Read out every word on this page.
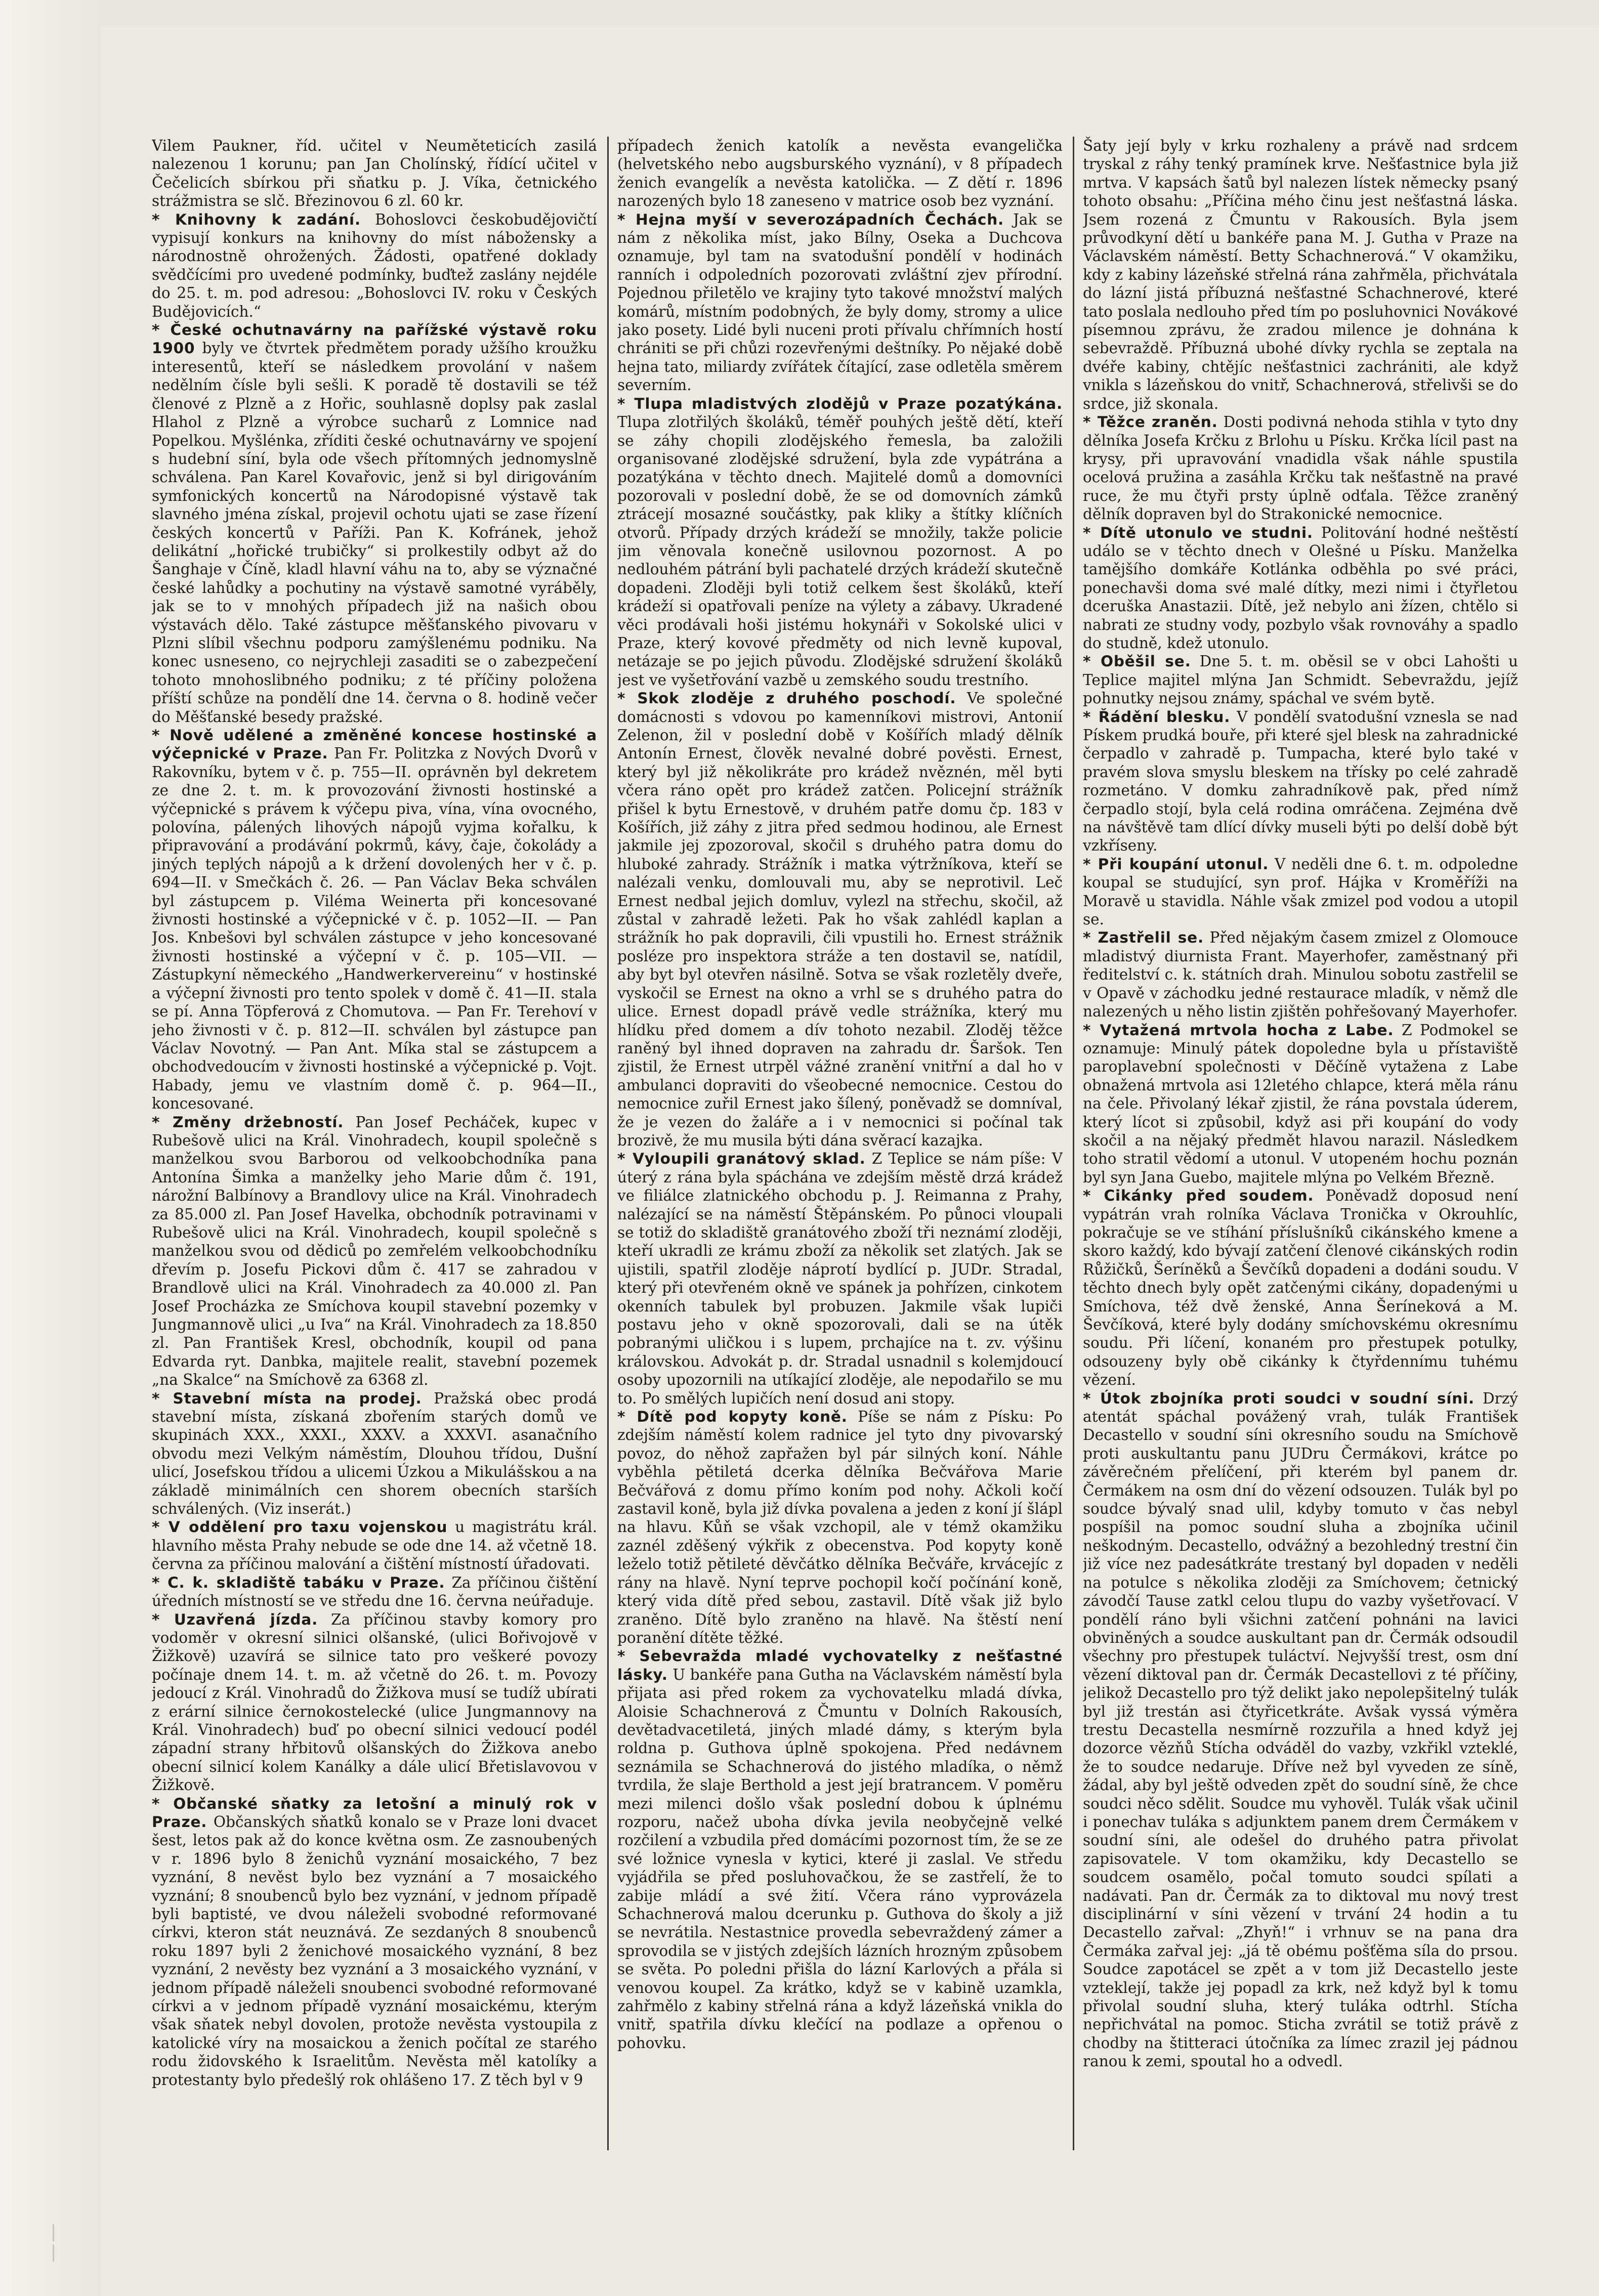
Vilem Paukner, říd. učitel v Neuměteticích zasilá nalezenou 1 korunu; pan Jan Cholínský, řídící učitel v Čečelicích sbírkou při sňatku p. J. Víka, četnického strážmistra se slč. Březinovou 6 zl. 60 kr.

* Knihovny k zadání. Bohoslovci českobudějovičtí vypisují konkurs na knihovny do míst nábožensky a národnostně ohrožených. Žádosti, opatřené doklady svědčícími pro uvedené podmínky, buďtež zaslány nejdéle do 25. t. m. pod adresou: „Bohoslovci IV. roku v Českých Budějovicích.“

* České ochutnavárny na pařížské výstavě roku 1900 byly ve čtvrtek předmětem porady užšího kroužku interesentů, kteří se následkem provolání v našem nedělním čísle byli sešli. K poradě tě dostavili se též členové z Plzně a z Hořic, souhlasně doplsy pak zaslal Hlahol z Plzně a výrobce sucharů z Lomnice nad Popelkou. Myšlénka, zříditi české ochutnavárny ve spojení s hudební síní, byla ode všech přítomných jednomyslně schválena. Pan Karel Kovařovic, jenž si byl dirigováním symfonických koncertů na Národopisné výstavě tak slavného jména získal, projevil ochotu ujati se zase řízení českých koncertů v Paříži. Pan K. Kofránek, jehož delikátní „hořické trubičky“ si prolkestily odbyt až do Šanghaje v Číně, kladl hlavní váhu na to, aby se význačné české lahůdky a pochutiny na výstavě samotné vyráběly, jak se to v mnohých případech již na našich obou výstavách dělo. Také zástupce měšťanského pivovaru v Plzni slíbil všechnu podporu zamýšlenému podniku. Na konec usneseno, co nejrychleji zasaditi se o zabezpečení tohoto mnohoslibného podniku; z té příčiny položena příští schůze na pondělí dne 14. června o 8. hodině večer do Měšťanské besedy pražské.

* Nově udělené a změněné koncese hostinské a výčepnické v Praze. Pan Fr. Politzka z Nových Dvorů v Rakovníku, bytem v č. p. 755—II. oprávněn byl dekretem ze dne 2. t. m. k provozování živnosti hostinské a výčepnické s právem k výčepu piva, vína, vína ovocného, polovína, pálených lihových nápojů vyjma kořalku, k připravování a prodávání pokrmů, kávy, čaje, čokolády a jiných teplých nápojů a k držení dovolených her v č. p. 694—II. v Smečkách č. 26. — Pan Václav Beka schválen byl zástupcem p. Viléma Weinerta při koncesované živnosti hostinské a výčepnické v č. p. 1052—II. — Pan Jos. Knbešovi byl schválen zástupce v jeho koncesované živnosti hostinské a výčepní v č. p. 105—VII. — Zástupkyní německého „Handwerkervereinu“ v hostinské a výčepní živnosti pro tento spolek v domě č. 41—II. stala se pí. Anna Töpferová z Chomutova. — Pan Fr. Terehoví v jeho živnosti v č. p. 812—II. schválen byl zástupce pan Václav Novotný. — Pan Ant. Míka stal se zástupcem a obchodvedoucím v živnosti hostinské a výčepnické p. Vojt. Habady, jemu ve vlastním domě č. p. 964—II., koncesované.

* Změny držebností. Pan Josef Pecháček, kupec v Rubešově ulici na Král. Vinohradech, koupil společně s manželkou svou Barborou od velkoobchodníka pana Antonína Šimka a manželky jeho Marie dům č. 191, nárožní Balbínovy a Brandlovy ulice na Král. Vinohradech za 85.000 zl. Pan Josef Havelka, obchodník potravinami v Rubešově ulici na Král. Vinohradech, koupil společně s manželkou svou od dědiců po zemřelém velkoobchodníku dřevím p. Josefu Pickovi dům č. 417 se zahradou v Brandlově ulici na Král. Vinohradech za 40.000 zl. Pan Josef Procházka ze Smíchova koupil stavební pozemky v Jungmannově ulici „u Iva“ na Král. Vinohradech za 18.850 zl. Pan František Kresl, obchodník, koupil od pana Edvarda ryt. Danbka, majitele realit, stavební pozemek „na Skalce“ na Smíchově za 6368 zl.

* Stavební místa na prodej. Pražská obec prodá stavební místa, získaná zbořením starých domů ve skupinách XXX., XXXI., XXXV. a XXXVI. asanačního obvodu mezi Velkým náměstím, Dlouhou třídou, Dušní ulicí, Josefskou třídou a ulicemi Úzkou a Mikulášskou a na základě minimálních cen shorem obecních starších schválených. (Viz inserát.)

* V oddělení pro taxu vojenskou u magistrátu král. hlavního města Prahy nebude se ode dne 14. až včetně 18. června za příčinou malování a čištění místností úřadovati.

* C. k. skladiště tabáku v Praze. Za příčinou čištění úředních místností se ve středu dne 16. června neúřaduje.

* Uzavřená jízda. Za příčinou stavby komory pro vodoměr v okresní silnici olšanské, (ulici Bořivojově v Žižkově) uzavírá se silnice tato pro veškeré povozy počínaje dnem 14. t. m. až včetně do 26. t. m. Povozy jedoucí z Král. Vinohradů do Žižkova musí se tudíž ubírati z erární silnice černokostelecké (ulice Jungmannovy na Král. Vinohradech) buď po obecní silnici vedoucí podél západní strany hřbitovů olšanských do Žižkova anebo obecní silnicí kolem Kanálky a dále ulicí Břetislavovou v Žižkově.

* Občanské sňatky za letošní a minulý rok v Praze. Občanských sňatků konalo se v Praze loni dvacet šest, letos pak až do konce května osm. Ze zasnoubených v r. 1896 bylo 8 ženichů vyznání mosaického, 7 bez vyznání, 8 nevěst bylo bez vyznání a 7 mosaického vyznání; 8 snoubenců bylo bez vyznání, v jednom případě byli baptisté, ve dvou náleželi svobodné reformované církvi, kteron stát neuznává. Ze sezdaných 8 snoubenců roku 1897 byli 2 ženichové mosaického vyznání, 8 bez vyznání, 2 nevěsty bez vyznání a 3 mosaického vyznání, v jednom případě náleželi snoubenci svobodné reformované církvi a v jednom případě vyznání mosaickému, kterým však sňatek nebyl dovolen, protože nevěsta vystoupila z katolické víry na mosaickou a ženich počítal ze starého rodu židovského k Israelitům. Nevěsta měl katolíky a protestanty bylo předešlý rok ohlášeno 17. Z těch byl v 9

případech ženich katolík a nevěsta evangelička (helvetského nebo augsburského vyznání), v 8 případech ženich evangelík a nevěsta katolička. — Z dětí r. 1896 narozených bylo 18 zaneseno v matrice osob bez vyznání.

* Hejna myší v severozápadních Čechách. Jak se nám z několika míst, jako Bílny, Oseka a Duchcova oznamuje, byl tam na svatodušní pondělí v hodinách ranních i odpoledních pozorovati zvláštní zjev přírodní. Pojednou přiletělo ve krajiny tyto takové množství malých komárů, místním podobných, že byly domy, stromy a ulice jako posety. Lidé byli nuceni proti přívalu chřímních hostí chrániti se při chůzi rozevřenými deštníky. Po nějaké době hejna tato, miliardy zvířátek čítající, zase odletěla směrem severním.

* Tlupa mladistvých zlodějů v Praze pozatýkána. Tlupa zlotřilých školáků, téměř pouhých ještě dětí, kteří se záhy chopili zlodějského řemesla, ba založili organisované zlodějské sdružení, byla zde vypátrána a pozatýkána v těchto dnech. Majitelé domů a domovníci pozorovali v poslední době, že se od domovních zámků ztrácejí mosazné součástky, pak kliky a štítky klíčních otvorů. Případy drzých krádeží se množily, takže policie jim věnovala konečně usilovnou pozornost. A po nedlouhém pátrání byli pachatelé drzých krádeží skutečně dopadeni. Zloději byli totiž celkem šest školáků, kteří krádeží si opatřovali peníze na výlety a zábavy. Ukradené věci prodávali hoši jistému hokynáři v Sokolské ulici v Praze, který kovové předměty od nich levně kupoval, netázaje se po jejich původu. Zlodějské sdružení školáků jest ve vyšetřování vazbě u zemského soudu trestního.

* Skok zloděje z druhého poschodí. Ve společné domácnosti s vdovou po kamenníkovi mistrovi, Antonií Zelenon, žil v poslední době v Košířích mladý dělník Antonín Ernest, člověk nevalné dobré pověsti. Ernest, který byl již několikráte pro krádež nvěznén, měl byti včera ráno opět pro krádež zatčen. Policejní strážník přišel k bytu Ernestově, v druhém patře domu čp. 183 v Košířích, již záhy z jitra před sedmou hodinou, ale Ernest jakmile jej zpozoroval, skočil s druhého patra domu do hluboké zahrady. Strážník i matka výtržníkova, kteří se nalézali venku, domlouvali mu, aby se neprotivil. Leč Ernest nedbal jejich domluv, vylezl na střechu, skočil, až zůstal v zahradě ležeti. Pak ho však zahlédl kaplan a strážník ho pak dopravili, čili vpustili ho. Ernest strážnik posléze pro inspektora stráže a ten dostavil se, natídil, aby byt byl otevřen násilně. Sotva se však rozletěly dveře, vyskočil se Ernest na okno a vrhl se s druhého patra do ulice. Ernest dopadl právě vedle strážníka, který mu hlídku před domem a dív tohoto nezabil. Zloděj těžce raněný byl ihned dopraven na zahradu dr. Šaršok. Ten zjistil, že Ernest utrpěl vážné zranění vnitřní a dal ho v ambulanci dopraviti do všeobecné nemocnice. Cestou do nemocnice zuřil Ernest jako šílený, poněvadž se domníval, že je vezen do žaláře a i v nemocnici si počínal tak brozivě, že mu musila býti dána svěrací kazajka.

* Vyloupili granátový sklad. Z Teplice se nám píše: V úterý z rána byla spáchána ve zdejším městě drzá krádež ve filiálce zlatnického obchodu p. J. Reimanna z Prahy, nalézající se na náměstí Štěpánském. Po půnoci vloupali se totiž do skladiště granátového zboží tři neznámí zloději, kteří ukradli ze krámu zboží za několik set zlatých. Jak se ujistili, spatřil zloděje náprotí bydlící p. JUDr. Stradal, který při otevřeném okně ve spánek ja pohřízen, cinkotem okenních tabulek byl probuzen. Jakmile však lupiči postavu jeho v okně spozorovali, dali se na útěk pobranými uličkou i s lupem, prchajíce na t. zv. výšinu královskou. Advokát p. dr. Stradal usnadnil s kolemjdoucí osoby upozornili na utíkající zloděje, ale nepodařilo se mu to. Po smělých lupičích není dosud ani stopy.

* Dítě pod kopyty koně. Píše se nám z Písku: Po zdejším náměstí kolem radnice jel tyto dny pivovarský povoz, do něhož zapřažen byl pár silných koní. Náhle vyběhla pětiletá dcerka dělníka Bečvářova Marie Bečvářová z domu přímo koním pod nohy. Ačkoli kočí zastavil koně, byla již dívka povalena a jeden z koní jí šlápl na hlavu. Kůň se však vzchopil, ale v témž okamžiku zaznél zděšený výkřik z obecenstva. Pod kopyty koně leželo totiž pětileté děvčátko dělníka Bečváře, krvácejíc z rány na hlavě. Nyní teprve pochopil kočí počínání koně, který vida dítě před sebou, zastavil. Dítě však již bylo zraněno. Dítě bylo zraněno na hlavě. Na štěstí není poranění dítěte těžké.

* Sebevražda mladé vychovatelky z nešťastné lásky. U bankéře pana Gutha na Václavském náměstí byla přijata asi před rokem za vychovatelku mladá dívka, Aloisie Schachnerová z Čmuntu v Dolních Rakousích, devětadvacetiletá, jiných mladé dámy, s kterým byla roldna p. Guthova úplně spokojena. Před nedávnem seznámila se Schachnerová do jistého mladíka, o němž tvrdila, že slaje Berthold a jest její bratrancem. V poměru mezi milenci došlo však poslední dobou k úplnému rozporu, načež uboha dívka jevila neobyčejně velké rozčilení a vzbudila před domácími pozornost tím, že se ze své ložnice vynesla v kytici, které ji zaslal. Ve středu vyjádřila se před posluhovačkou, že se zastřelí, že to zabije mládí a své žití. Včera ráno vyprovázela Schachnerová malou dcerunku p. Guthova do školy a již se nevrátila. Nestastnice provedla sebevraždený zámer a sprovodila se v jistých zdejších lázních hrozným způsobem se světa. Po poledni přišla do lázní Karlových a přála si venovou koupel. Za krátko, když se v kabině uzamkla, zahřmělo z kabiny střelná rána a když lázeňská vnikla do vnitř, spatřila dívku klečící na podlaze a opřenou o pohovku.

Šaty její byly v krku rozhaleny a právě nad srdcem tryskal z ráhy tenký pramínek krve. Nešťastnice byla již mrtva. V kapsách šatů byl nalezen lístek německy psaný tohoto obsahu: „Příčina mého činu jest nešťastná láska. Jsem rozená z Čmuntu v Rakousích. Byla jsem průvodkyní dětí u bankéře pana M. J. Gutha v Praze na Václavském náměstí. Betty Schachnerová.“ V okamžiku, kdy z kabiny lázeňské střelná rána zahřměla, přichvátala do lázní jistá příbuzná nešťastné Schachnerové, které tato poslala nedlouho před tím po posluhovnici Novákové písemnou zprávu, že zradou milence je dohnána k sebevraždě. Příbuzná ubohé dívky rychla se zeptala na dvéře kabiny, chtějíc nešťastnici zachrániti, ale když vnikla s lázeňskou do vnitř, Schachnerová, střelivši se do srdce, již skonala.

* Těžce zraněn. Dosti podivná nehoda stihla v tyto dny dělníka Josefa Krčku z Brlohu u Písku. Krčka lícil past na krysy, při upravování vnadidla však náhle spustila ocelová pružina a zasáhla Krčku tak nešťastně na pravé ruce, že mu čtyři prsty úplně odťala. Těžce zraněný dělník dopraven byl do Strakonické nemocnice.

* Dítě utonulo ve studni. Politování hodné neštěstí událo se v těchto dnech v Olešné u Písku. Manželka tamějšího domkáře Kotlánka odběhla po své práci, ponechavši doma své malé dítky, mezi nimi i čtyřletou dceruška Anastazii. Dítě, jež nebylo ani žízen, chtělo si nabrati ze studny vody, pozbylo však rovnováhy a spadlo do studně, kdež utonulo.

* Oběšil se. Dne 5. t. m. oběsil se v obci Lahošti u Teplice majitel mlýna Jan Schmidt. Sebevraždu, jejíž pohnutky nejsou známy, spáchal ve svém bytě.

* Řádění blesku. V pondělí svatodušní vznesla se nad Pískem prudká bouře, při které sjel blesk na zahradnické čerpadlo v zahradě p. Tumpacha, které bylo také v pravém slova smyslu bleskem na třísky po celé zahradě rozmetáno. V domku zahradníkově pak, před nímž čerpadlo stojí, byla celá rodina omráčena. Zejména dvě na návštěvě tam dlící dívky museli býti po delší době být vzkříseny.

* Při koupání utonul. V neděli dne 6. t. m. odpoledne koupal se studující, syn prof. Hájka v Kroměříži na Moravě u stavidla. Náhle však zmizel pod vodou a utopil se.

* Zastřelil se. Před nějakým časem zmizel z Olomouce mladistvý diurnista Frant. Mayerhofer, zaměstnaný při ředitelství c. k. státních drah. Minulou sobotu zastřelil se v Opavě v záchodku jedné restaurace mladík, v němž dle nalezených u něho listin zjištěn pohřešovaný Mayerhofer.

* Vytažená mrtvola hocha z Labe. Z Podmokel se oznamuje: Minulý pátek dopoledne byla u přístaviště paroplavební společnosti v Děčíně vytažena z Labe obnažená mrtvola asi 12letého chlapce, která měla ránu na čele. Přivolaný lékař zjistil, že rána povstala úderem, který lícot si způsobil, když asi při koupání do vody skočil a na nějaký předmět hlavou narazil. Následkem toho stratil vědomí a utonul. V utopeném hochu poznán byl syn Jana Guebo, majitele mlýna po Velkém Březně.

* Cikánky před soudem. Poněvadž doposud není vypátrán vrah rolníka Václava Tronička v Okrouhlíc, pokračuje se ve stíhání příslušníků cikánského kmene a skoro každý, kdo bývají zatčení členové cikánských rodin Růžičků, Šeríněků a Ševčíků dopadeni a dodáni soudu. V těchto dnech byly opět zatčenými cikány, dopadenými u Smíchova, též dvě ženské, Anna Šeríneková a M. Ševčíková, které byly dodány smíchovskému okresnímu soudu. Při líčení, konaném pro přestupek potulky, odsouzeny byly obě cikánky k čtyřdennímu tuhému vězení.

* Útok zbojníka proti soudci v soudní síni. Drzý atentát spáchal povážený vrah, tulák František Decastello v soudní síni okresního soudu na Smíchově proti auskultantu panu JUDru Čermákovi, krátce po závěrečném přelíčení, při kterém byl panem dr. Čermákem na osm dní do vězení odsouzen. Tulák byl po soudce bývalý snad ulil, kdyby tomuto v čas nebyl pospíšil na pomoc soudní sluha a zbojníka učinil neškodným. Decastello, odvážný a bezohledný trestní čin již více nez padesátkráte trestaný byl dopaden v neděli na potulce s několika zloději za Smíchovem; četnický závodčí Tause zatkl celou tlupu do vazby vyšetřovací. V pondělí ráno byli všichni zatčení pohnáni na lavici obviněných a soudce auskultant pan dr. Čermák odsoudil všechny pro přestupek tuláctví. Nejvyšší trest, osm dní vězení diktoval pan dr. Čermák Decastellovi z té příčiny, jelikož Decastello pro týž delikt jako nepolepšitelný tulák byl již trestán asi čtyřicetkráte. Avšak vyssá výměra trestu Decastella nesmírně rozzuřila a hned když jej dozorce vězňů Stícha odváděl do vazby, vzkřikl vzteklé, že to soudce nedaruje. Dříve než byl vyveden ze síně, žádal, aby byl ještě odveden zpět do soudní síně, že chce soudci něco sdělit. Soudce mu vyhověl. Tulák však učinil i ponechav tuláka s adjunktem panem drem Čermákem v soudní síni, ale odešel do druhého patra přivolat zapisovatele. V tom okamžiku, kdy Decastello se soudcem osamělo, počal tomuto soudci spílati a nadávati. Pan dr. Čermák za to diktoval mu nový trest disciplinární v síni vězení v trvání 24 hodin a tu Decastello zařval: „Zhyň!“ i vrhnuv se na pana dra Čermáka zařval jej: „já tě obému pošťěma síla do prsou. Soudce zapotácel se zpět a v tom již Decastello jeste vzteklejí, takže jej popadl za krk, než když byl k tomu přivolal soudní sluha, který tuláka odtrhl. Stícha nepřichvátal na pomoc. Sticha zvrátil se totiž právě z chodby na štitteraci útočníka za límec zrazil jej pádnou ranou k zemi, spoutal ho a odvedl.
